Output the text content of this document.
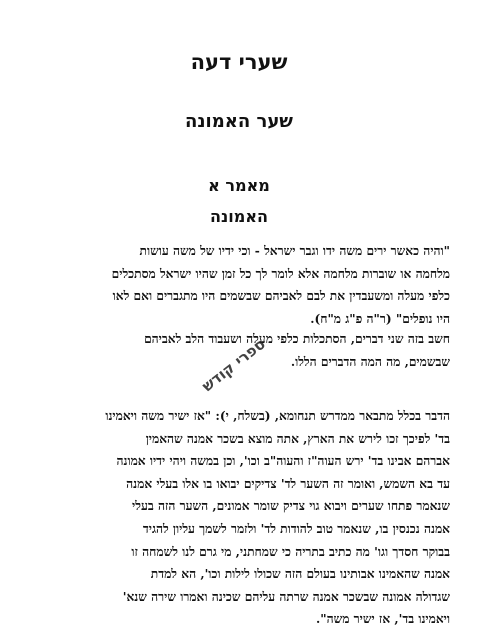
שערי דעה
שער האמונה
מאמר א
האמונה
"והיה כאשר ירים משה ידו וגבר ישראל - וכי ידיו של משה עושות
מלחמה או שוברות מלחמה אלא לומר לך כל זמן שהיו ישראל מסתכלים
כלפי מעלה ומשעבדין את לבם לאביהם שבשמים היו מתגברים ואם לאו
היו נופלים" (ר"ה פ"ג מ"ח).
חשב בזה שני דברים, הסתכלות כלפי מעלה ושעבוד הלב לאביהם
שבשמים, מה המה הדברים הללו.
הדבר בכלל מתבאר ממדרש תנחומא, (בשלח, י): "אז ישיר משה ויאמינו
בד' לפיכך זכו לירש את הארץ, אתה מוצא בשכר אמנה שהאמין
אברהם אבינו בד' ירש העוה"ז והעוה"ב וכו', וכן במשה ויהי ידיו אמונה
עד בא השמש, ואומר זה השער לד' צדיקים יבואו בו אלו בעלי אמנה
שנאמר פתחו שערים ויבוא גוי צדיק שומר אמונים, השער הזה בעלי
אמנה נכנסין בו, שנאמר טוב להודות לד' ולזמר לשמך עליון להגיד
בבוקר חסדך וגו' מה כתיב בתריה כי שמחתני, מי גרם לנו לשמחה זו
אמנה שהאמינו אבותינו בעולם הזה שכולו לילות וכו', הא למדת
שגדולה אמונה שבשכר אמנה שרתה עליהם שכינה ואמרו שירה שנא'
ויאמינו בד', אז ישיר משה".
ספרי קודש
